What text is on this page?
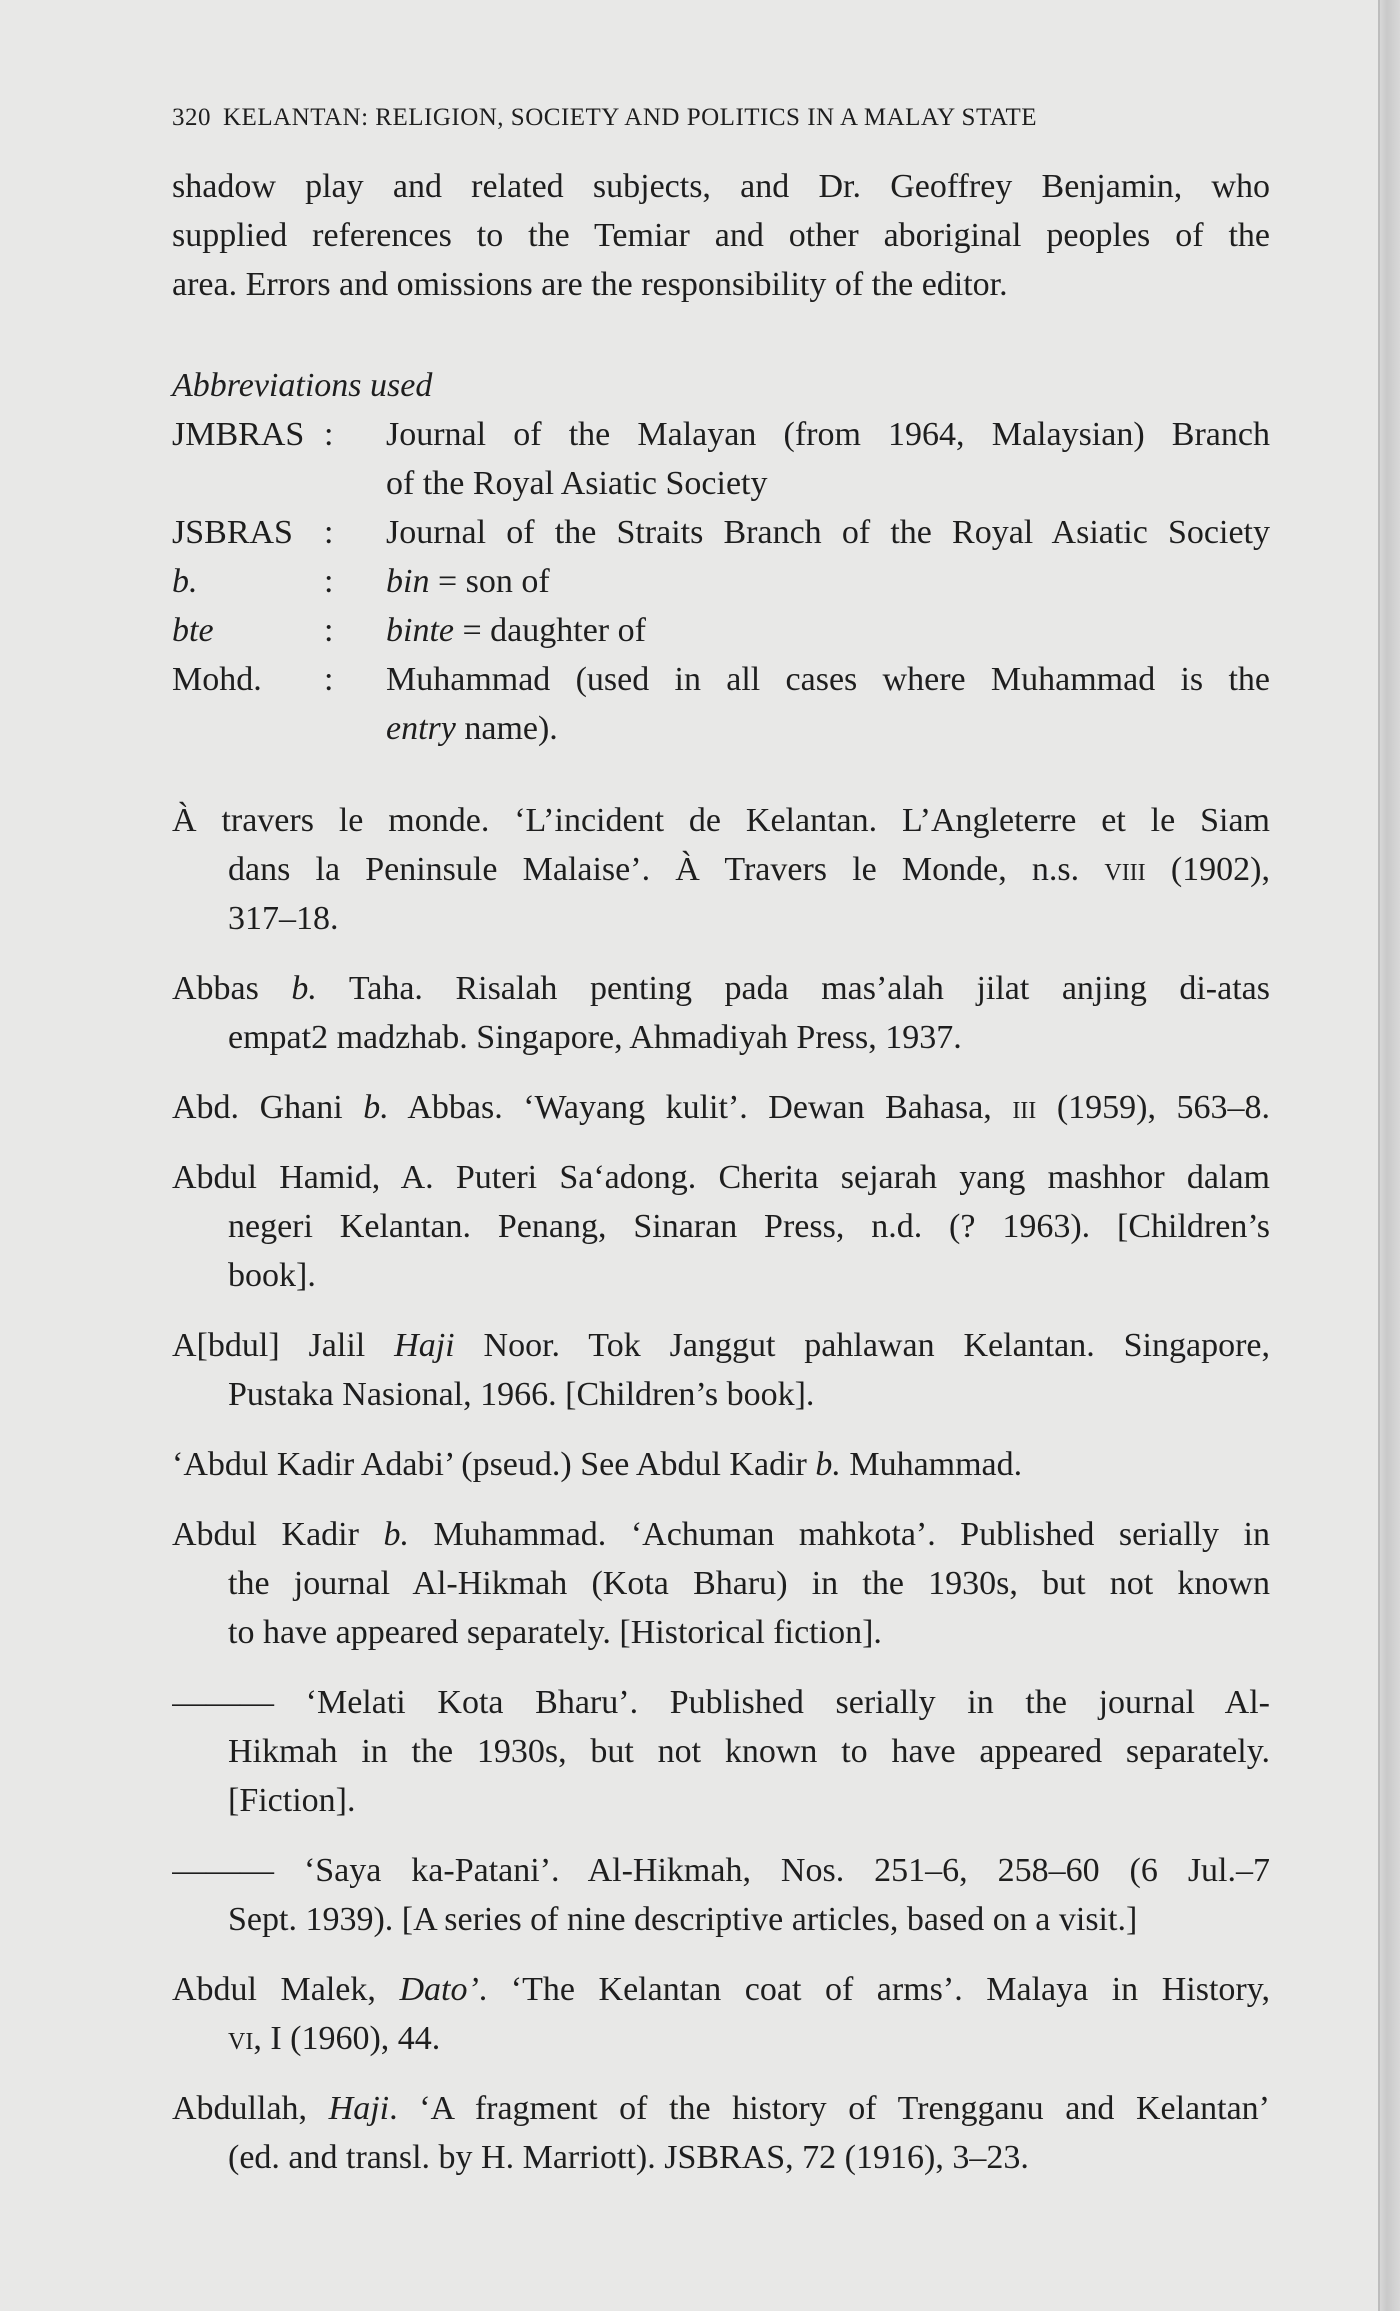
320 KELANTAN: RELIGION, SOCIETY AND POLITICS IN A MALAY STATE
shadow play and related subjects, and Dr. Geoffrey Benjamin, who
supplied references to the Temiar and other aboriginal peoples of the
area. Errors and omissions are the responsibility of the editor.
Abbreviations used
JMBRAS :	Journal of the Malayan (from 1964, Malaysian) Branch
of the Royal Asiatic Society
JSBRAS :	Journal of the Straits Branch of the Royal Asiatic Society
b.	:	bin = son of
bte	:	binte = daughter of
Mohd.	:	Muhammad (used in all cases where Muhammad is the
entry name).
À travers le monde. ‘L’incident de Kelantan. L’Angleterre et le Siam
dans la Peninsule Malaise’. À Travers le Monde, n.s. viii (1902),
317–18.
Abbas b. Taha. Risalah penting pada mas’alah jilat anjing di-atas
empat2 madzhab. Singapore, Ahmadiyah Press, 1937.
Abd. Ghani b. Abbas. ‘Wayang kulit’. Dewan Bahasa, iii (1959), 563–8.
Abdul Hamid, A. Puteri Sa‘adong. Cherita sejarah yang mashhor dalam
negeri Kelantan. Penang, Sinaran Press, n.d. (? 1963). [Children’s
book].
A[bdul] Jalil Haji Noor. Tok Janggut pahlawan Kelantan. Singapore,
Pustaka Nasional, 1966. [Children’s book].
‘Abdul Kadir Adabi’ (pseud.) See Abdul Kadir b. Muhammad.
Abdul Kadir b. Muhammad. ‘Achuman mahkota’. Published serially in
the journal Al-Hikmah (Kota Bharu) in the 1930s, but not known
to have appeared separately. [Historical fiction].
——— ‘Melati Kota Bharu’. Published serially in the journal Al-
Hikmah in the 1930s, but not known to have appeared separately.
[Fiction].
——— ‘Saya ka-Patani’. Al-Hikmah, Nos. 251–6, 258–60 (6 Jul.–7
Sept. 1939). [A series of nine descriptive articles, based on a visit.]
Abdul Malek, Dato’. ‘The Kelantan coat of arms’. Malaya in History,
vi, I (1960), 44.
Abdullah, Haji. ‘A fragment of the history of Trengganu and Kelantan’
(ed. and transl. by H. Marriott). JSBRAS, 72 (1916), 3–23.
